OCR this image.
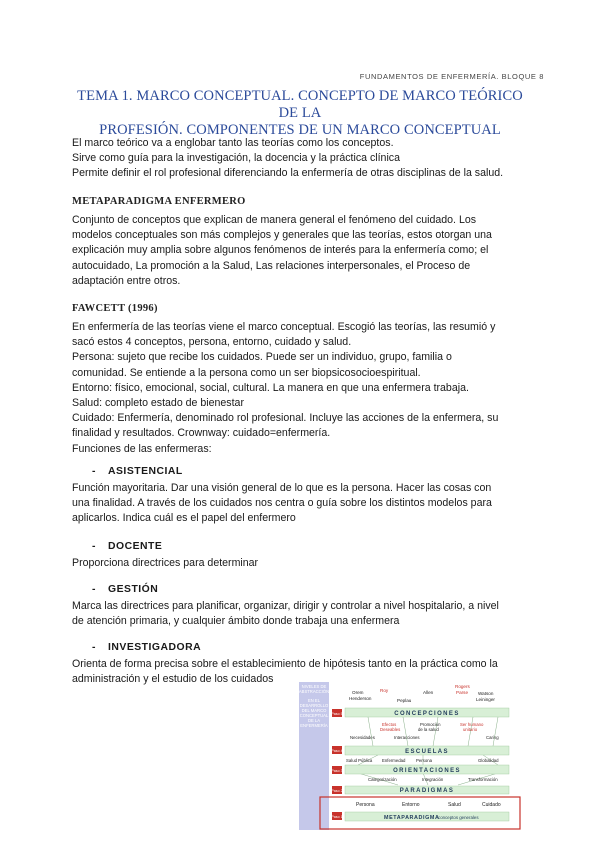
FUNDAMENTOS DE ENFERMERÍA. BLOQUE 8
TEMA 1. MARCO CONCEPTUAL. CONCEPTO DE MARCO TEÓRICO DE LA
PROFESIÓN. COMPONENTES DE UN MARCO CONCEPTUAL

El marco teórico va a englobar tanto las teorías como los conceptos.

Sirve como guía para la investigación, la docencia y la práctica clínica

Permite definir el rol profesional diferenciando la enfermería de otras disciplinas de la salud.

METAPARADIGMA ENFERMERO

Conjunto de conceptos que explican de manera general el fenómeno del cuidado. Los

modelos conceptuales son más complejos y generales que las teorías, estos otorgan una

explicación muy amplia sobre algunos fenómenos de interés para la enfermería como; el

autocuidado, La promoción a la Salud, Las relaciones interpersonales, el Proceso de

adaptación entre otros.

FAWCETT (1996)

En enfermería de las teorías viene el marco conceptual. Escogió las teorías, las resumió y

sacó estos 4 conceptos, persona, entorno, cuidado y salud.

Persona: sujeto que recibe los cuidados. Puede ser un individuo, grupo, familia o

comunidad. Se entiende a la persona como un ser biopsicosocioespiritual.

Entorno: físico, emocional, social, cultural. La manera en que una enfermera trabaja.

Salud: completo estado de bienestar

Cuidado: Enfermería, denominado rol profesional. Incluye las acciones de la enfermera, su

finalidad y resultados. Crownway: cuidado=enfermería.

Funciones de las enfermeras:

- ASISTENCIAL

Función mayoritaria. Dar una visión general de lo que es la persona. Hacer las cosas con

una finalidad. A través de los cuidados nos centra o guía sobre los distintos modelos para

aplicarlos. Indica cuál es el papel del enfermero

- DOCENTE

Proporciona directrices para determinar

- GESTIÓN

Marca las directrices para planificar, organizar, dirigir y controlar a nivel hospitalario, a nivel

de atención primaria, y cualquier ámbito donde trabaja una enfermera

- INVESTIGADORA

Orienta de forma precisa sobre el establecimiento de hipótesis tanto en la práctica como la

administración y el estudio de los cuidados

NIVELES DE
ABSTRACCIÓN
EN EL
DESARROLLO
DEL MARCO
CONCEPTUAL
DE LA
ENFERMERÍA
Orem
Henderson
Roy
Peplau
Allen
Rogers
Parse Watson
Leininger
Paso 5	CONCEPCIONES
Efectos
Deseables
Promoción
de la salud
Ser humano
unitario
Necesidades	Interacciones	Caring
Paso 4	ESCUELAS
Salud Pública Enfermedad Persona	Globalidad
Paso 3	ORIENTACIONES
Categorización	Integración	Transformación
Paso 2	PARADIGMAS
Persona	Entorno	Salud	Cuidado
Paso 1	METAPARADIGMA
conceptos generales
